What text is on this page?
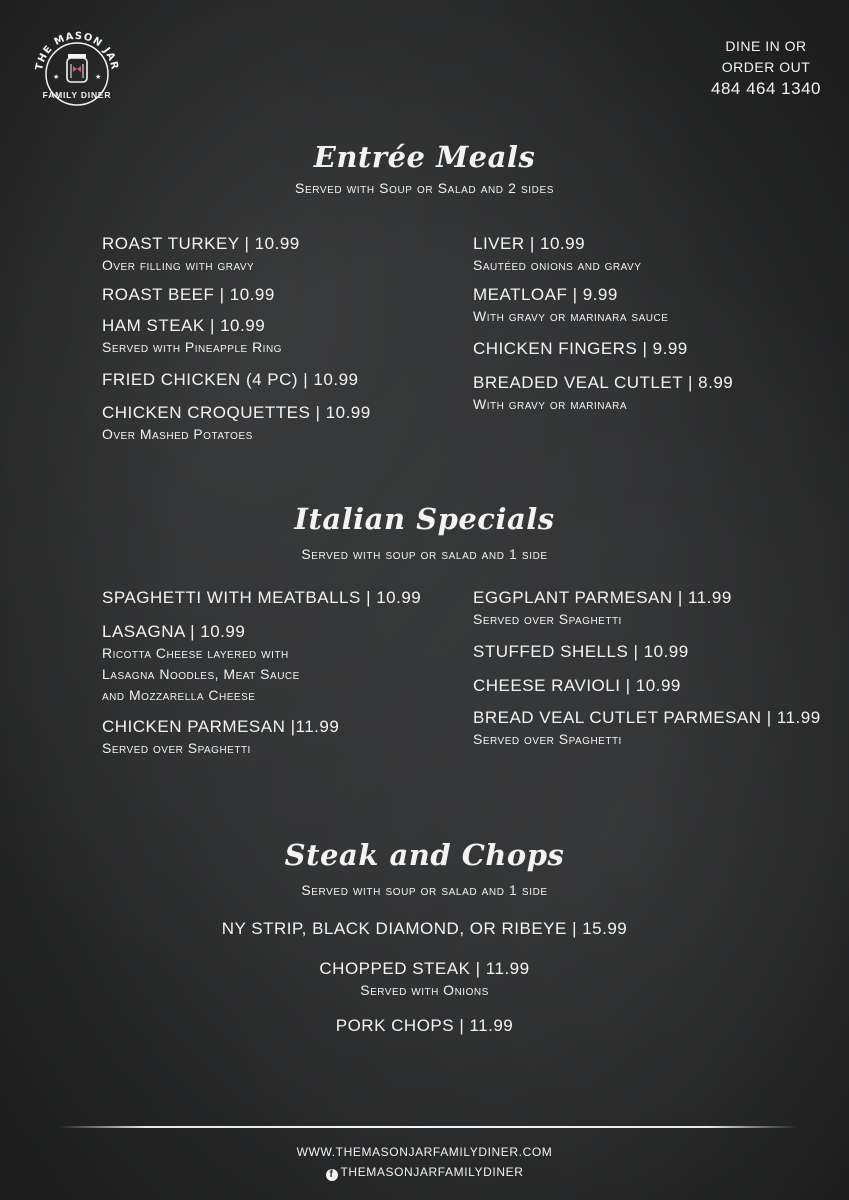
THE MASON JAR
★	★
FAMILY DINER
DINE IN OR
ORDER OUT
484 464 1340
Entrée Meals
Served with Soup or Salad and 2 sides
ROAST TURKEY | 10.99
Over filling with gravy
ROAST BEEF | 10.99
HAM STEAK | 10.99
Served with Pineapple Ring
FRIED CHICKEN (4 PC) | 10.99
CHICKEN CROQUETTES | 10.99
Over Mashed Potatoes
LIVER | 10.99
Sautéed onions and gravy
MEATLOAF | 9.99
With gravy or marinara sauce
CHICKEN FINGERS | 9.99
BREADED VEAL CUTLET | 8.99
With gravy or marinara
Italian Specials
Served with soup or salad and 1 side
SPAGHETTI WITH MEATBALLS | 10.99
LASAGNA | 10.99
Ricotta Cheese layered with
Lasagna Noodles, Meat Sauce
and Mozzarella Cheese
CHICKEN PARMESAN |11.99
Served over Spaghetti
EGGPLANT PARMESAN | 11.99
Served over Spaghetti
STUFFED SHELLS | 10.99
CHEESE RAVIOLI | 10.99
BREAD VEAL CUTLET PARMESAN | 11.99
Served over Spaghetti
Steak and Chops
Served with soup or salad and 1 side
NY STRIP, BLACK DIAMOND, OR RIBEYE | 15.99
CHOPPED STEAK | 11.99
Served with Onions
PORK CHOPS | 11.99
WWW.THEMASONJARFAMILYDINER.COM
f THEMASONJARFAMILYDINER
